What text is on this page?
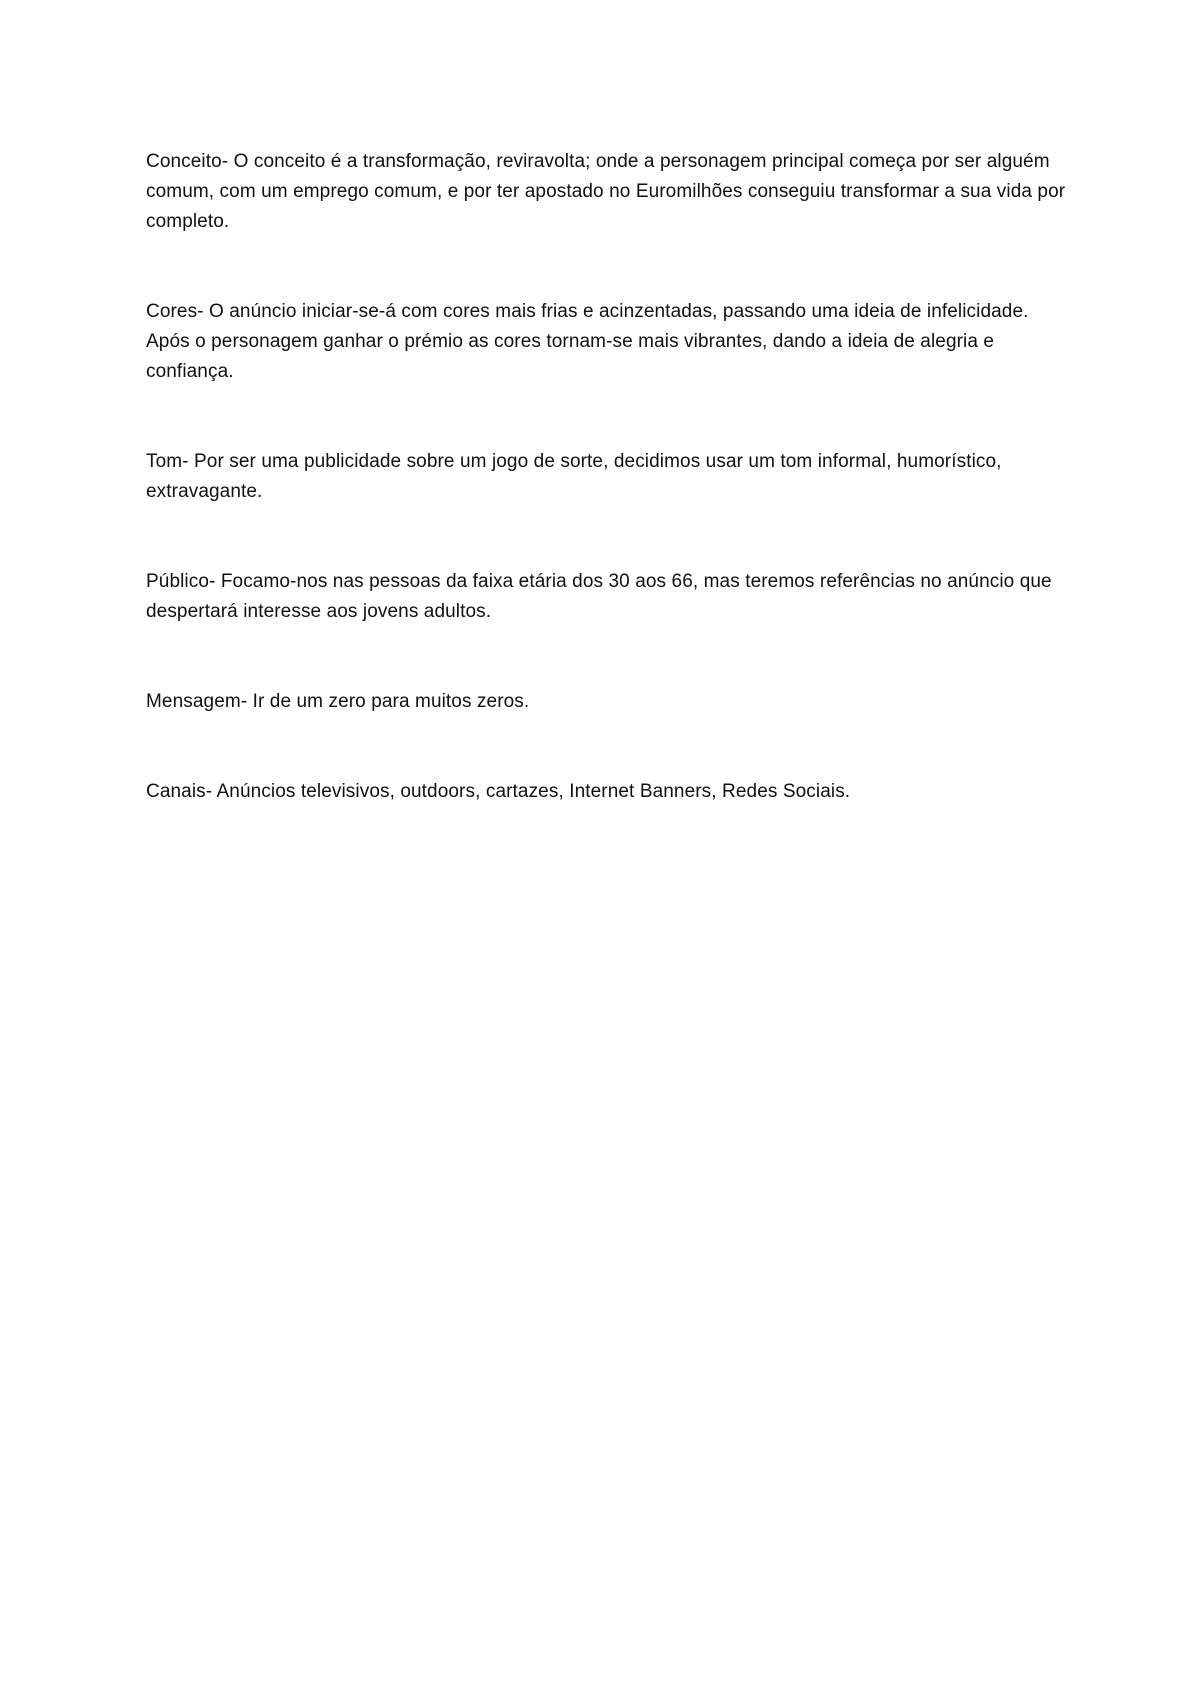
Conceito- O conceito é a transformação, reviravolta; onde a personagem principal começa por ser alguém comum, com um emprego comum, e por ter apostado no Euromilhões conseguiu transformar a sua vida por completo.

Cores- O anúncio iniciar-se-á com cores mais frias e acinzentadas, passando uma ideia de infelicidade. Após o personagem ganhar o prémio as cores tornam-se mais vibrantes, dando a ideia de alegria e confiança.

Tom- Por ser uma publicidade sobre um jogo de sorte, decidimos usar um tom informal, humorístico, extravagante.

Público- Focamo-nos nas pessoas da faixa etária dos 30 aos 66, mas teremos referências no anúncio que despertará interesse aos jovens adultos.

Mensagem- Ir de um zero para muitos zeros.

Canais- Anúncios televisivos, outdoors, cartazes, Internet Banners, Redes Sociais.
